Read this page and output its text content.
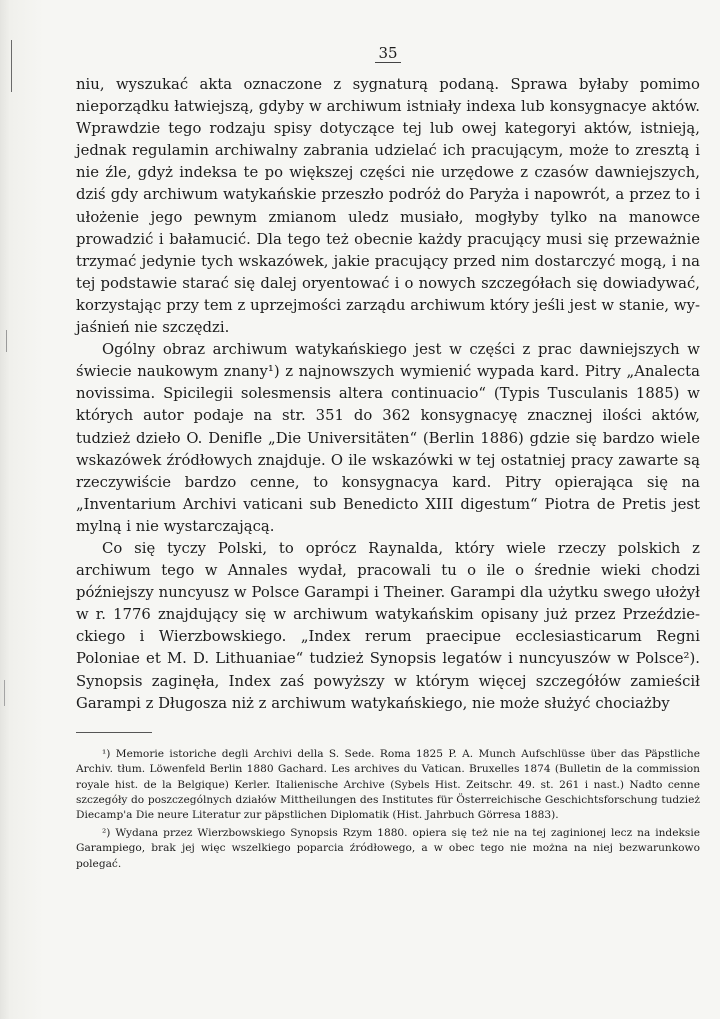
35

niu, wyszukać akta oznaczone z sygnaturą podaną. Sprawa byłaby pomimo nieporządku łatwiejszą, gdyby w archiwum istniały indexa lub konsygnacye aktów. Wprawdzie tego rodzaju spisy dotyczące tej lub owej kategoryi aktów, istnieją, jednak regulamin archiwalny zabrania udzielać ich pracującym, może to zresztą i nie źle, gdyż indeksa te po większej części nie urzędowe z czasów dawniejszych, dziś gdy archiwum watykańskie przeszło podróż do Paryża i napowrót, a przez to i ułożenie jego pewnym zmianom uledz musiało, mogłyby tylko na manowce prowadzić i bałamucić. Dla tego też obecnie każdy pracujący musi się przeważnie trzymać jedynie tych wskazówek, jakie pracujący przed nim dostarczyć mogą, i na tej podstawie starać się dalej oryentować i o nowych szczegółach się dowiadywać, korzystając przy tem z uprzejmości zarządu archiwum który jeśli jest w stanie, wyjaśnień nie szczędzi.

Ogólny obraz archiwum watykańskiego jest w części z prac dawniejszych w świecie naukowym znany¹) z najnowszych wymienić wypada kard. Pitry „Analecta novissima. Spicilegii solesmensis altera continuacio“ (Typis Tusculanis 1885) w których autor podaje na str. 351 do 362 konsygnacyę znacznej ilości aktów, tudzież dzieło O. Denifle „Die Universitäten“ (Berlin 1886) gdzie się bardzo wiele wskazówek źródłowych znajduje. O ile wskazówki w tej ostatniej pracy zawarte są rzeczywiście bardzo cenne, to konsygnacya kard. Pitry opierająca się na „Inventarium Archivi vaticani sub Benedicto XIII digestum“ Piotra de Pretis jest mylną i nie wystarczającą.

Co się tyczy Polski, to oprócz Raynalda, który wiele rzeczy polskich z archiwum tego w Annales wydał, pracowali tu o ile o średnie wieki chodzi późniejszy nuncyusz w Polsce Garampi i Theiner. Garampi dla użytku swego ułożył w r. 1776 znajdujący się w archiwum watykańskim opisany już przez Przeździeckiego i Wierzbowskiego. „Index rerum praecipue ecclesiasticarum Regni Poloniae et M. D. Lithuaniae“ tudzież Synopsis legatów i nuncyuszów w Polsce²). Synopsis zaginęła, Index zaś powyższy w którym więcej szczegółów zamieścił Garampi z Długosza niż z archiwum watykańskiego, nie może służyć chociażby

¹) Memorie istoriche degli Archivi della S. Sede. Roma 1825 P. A. Munch Aufschlüsse über das Päpstliche Archiv. tłum. Löwenfeld Berlin 1880 Gachard. Les archives du Vatican. Bruxelles 1874 (Bulletin de la commission royale hist. de la Belgique) Kerler. Italienische Archive (Sybels Hist. Zeitschr. 49. st. 261 i nast.) Nadto cenne szczegóły do poszczególnych działów Mittheilungen des Institutes für Österreichische Geschichtsforschung tudzież Diecamp'a Die neure Literatur zur päpstlichen Diplomatik (Hist. Jahrbuch Görresa 1883).

²) Wydana przez Wierzbowskiego Synopsis Rzym 1880. opiera się też nie na tej zaginionej lecz na indeksie Garampiego, brak jej więc wszelkiego poparcia źródłowego, a w obec tego nie można na niej bezwarunkowo polegać.
